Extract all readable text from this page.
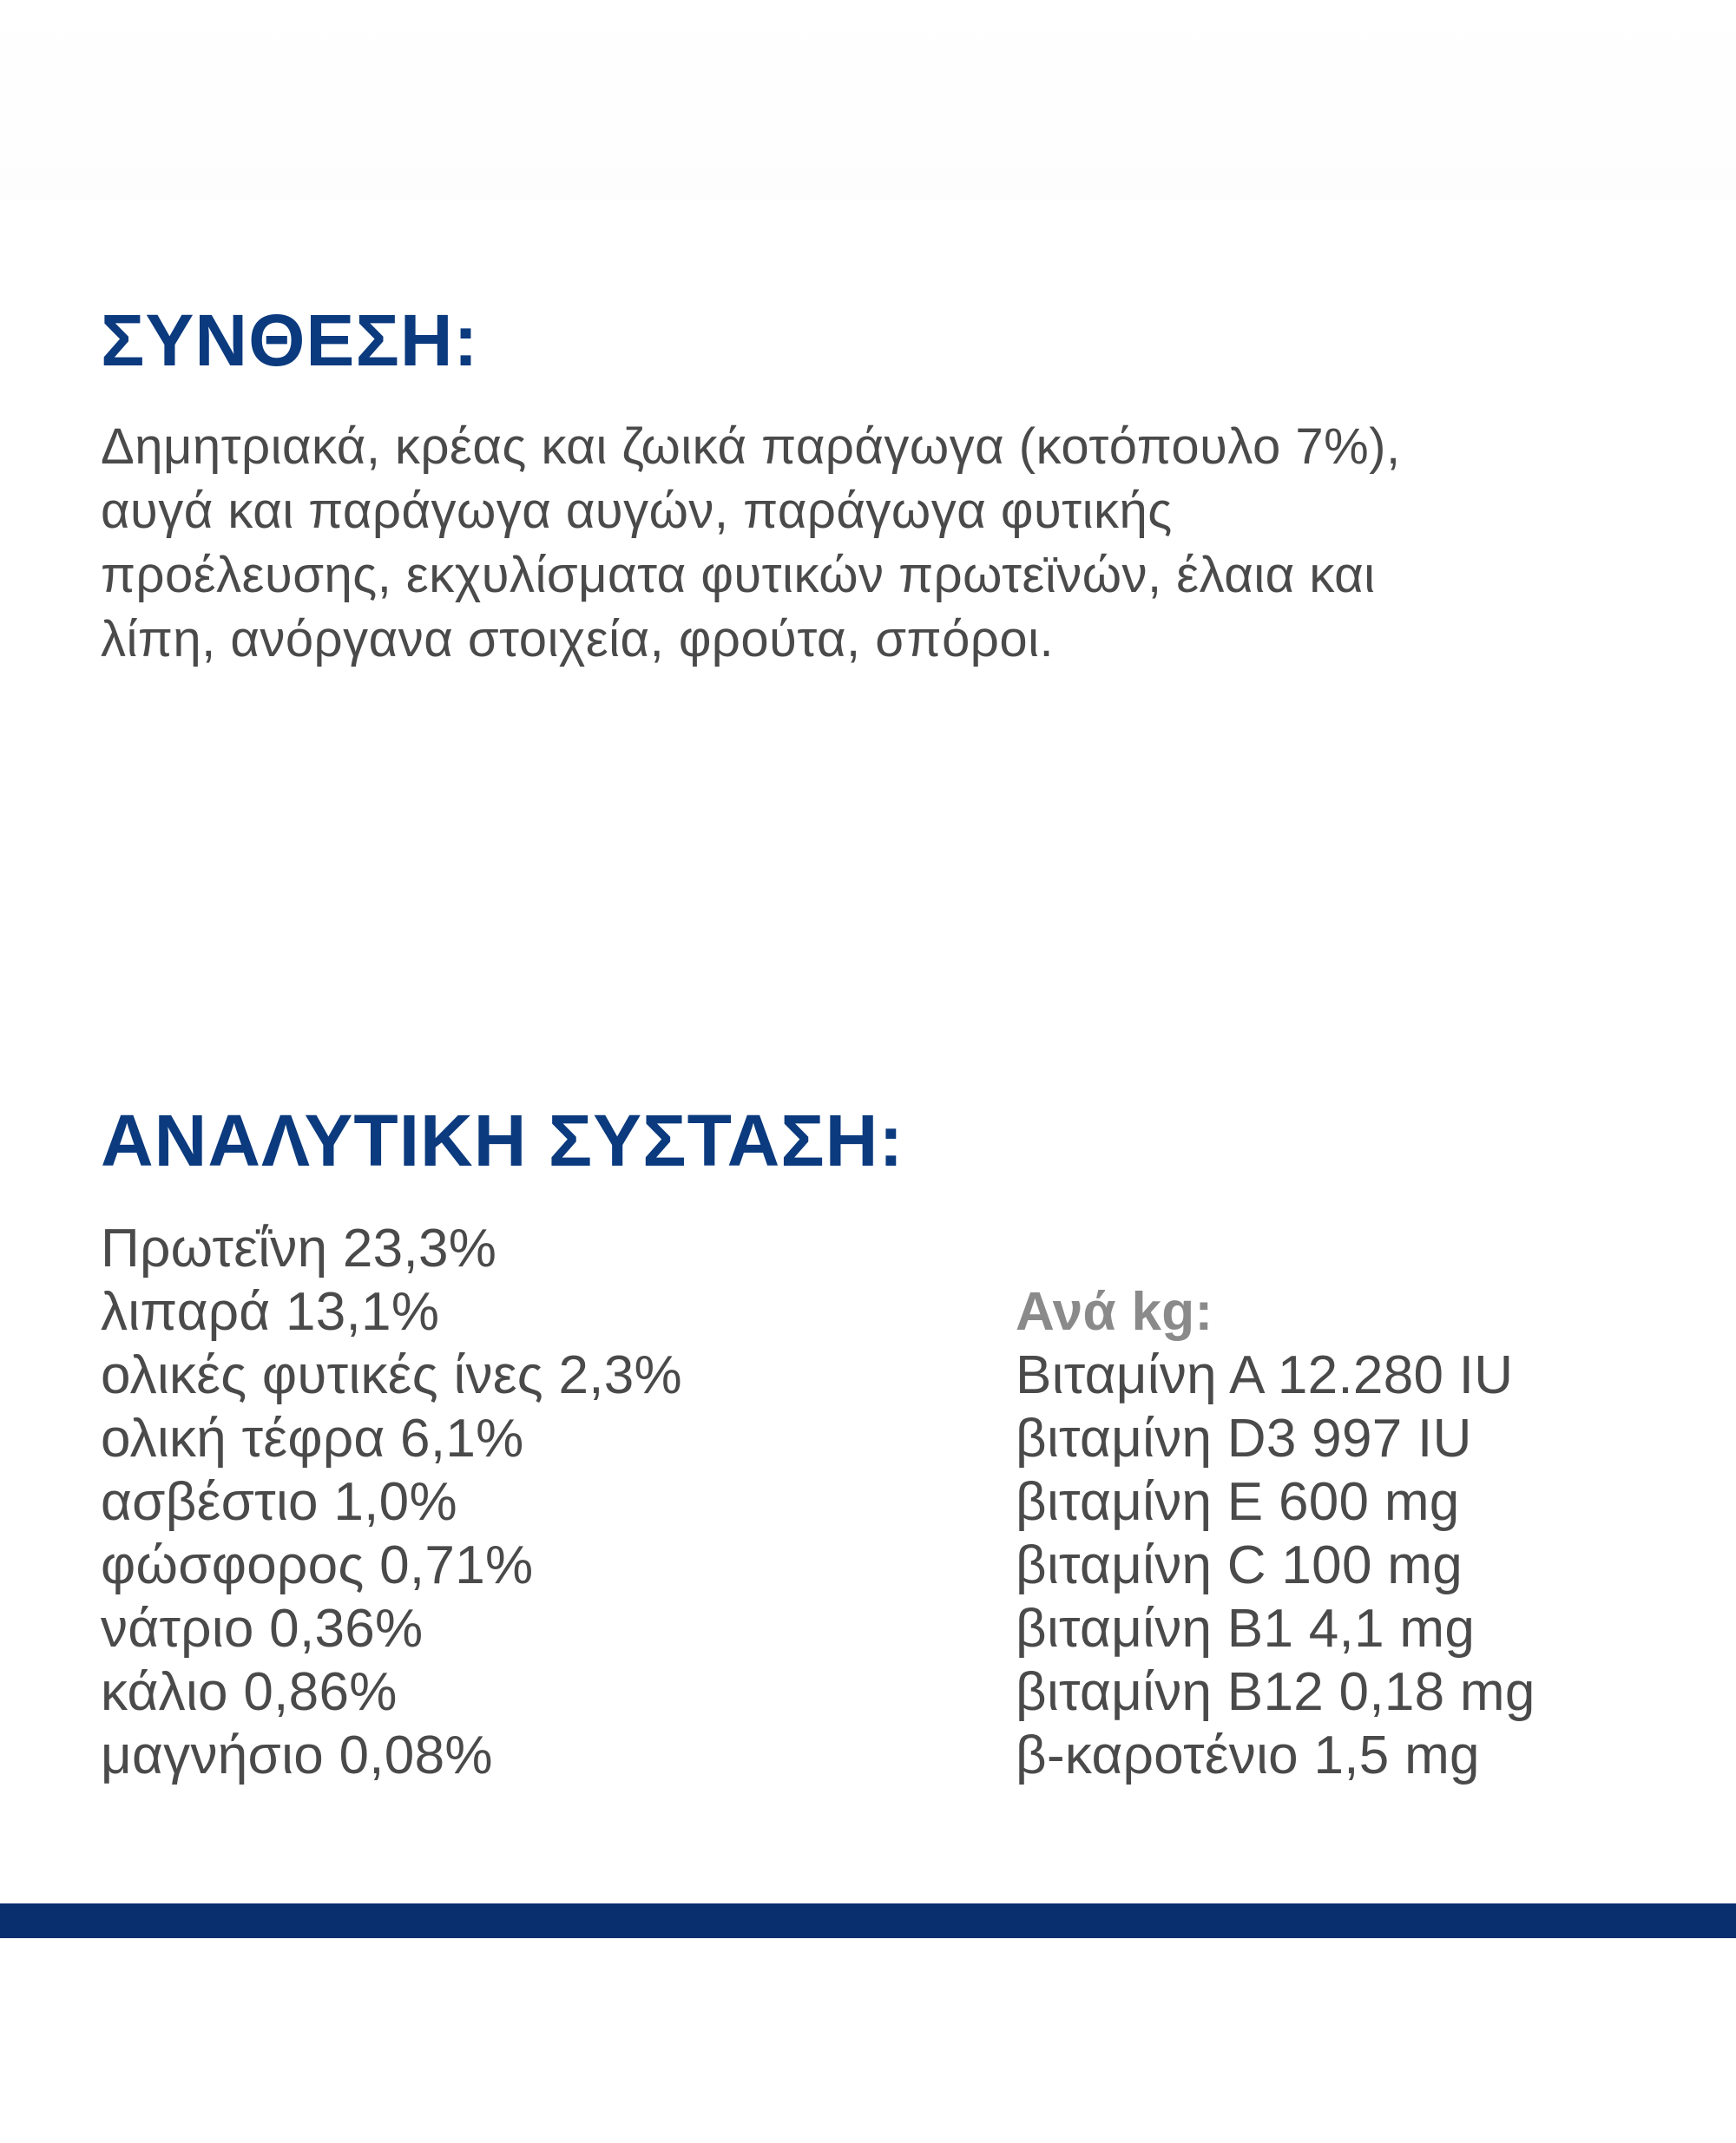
ΣΥΝΘΕΣΗ:

Δημητριακά, κρέας και ζωικά παράγωγα (κοτόπουλο 7%),
αυγά και παράγωγα αυγών, παράγωγα φυτικής
προέλευσης, εκχυλίσματα φυτικών πρωτεϊνών, έλαια και
λίπη, ανόργανα στοιχεία, φρούτα, σπόροι.

ΑΝΑΛΥΤΙΚΗ ΣΥΣΤΑΣΗ:
Πρωτεΐνη 23,3%
λιπαρά 13,1%
ολικές φυτικές ίνες 2,3%
ολική τέφρα 6,1%
ασβέστιο 1,0%
φώσφορος 0,71%
νάτριο 0,36%
κάλιο 0,86%
μαγνήσιο 0,08%
Ανά kg:
Βιταμίνη Α 12.280 IU
βιταμίνη D3 997 IU
βιταμίνη E 600 mg
βιταμίνη C 100 mg
βιταμίνη B1 4,1 mg
βιταμίνη B12 0,18 mg
β-καροτένιο 1,5 mg
